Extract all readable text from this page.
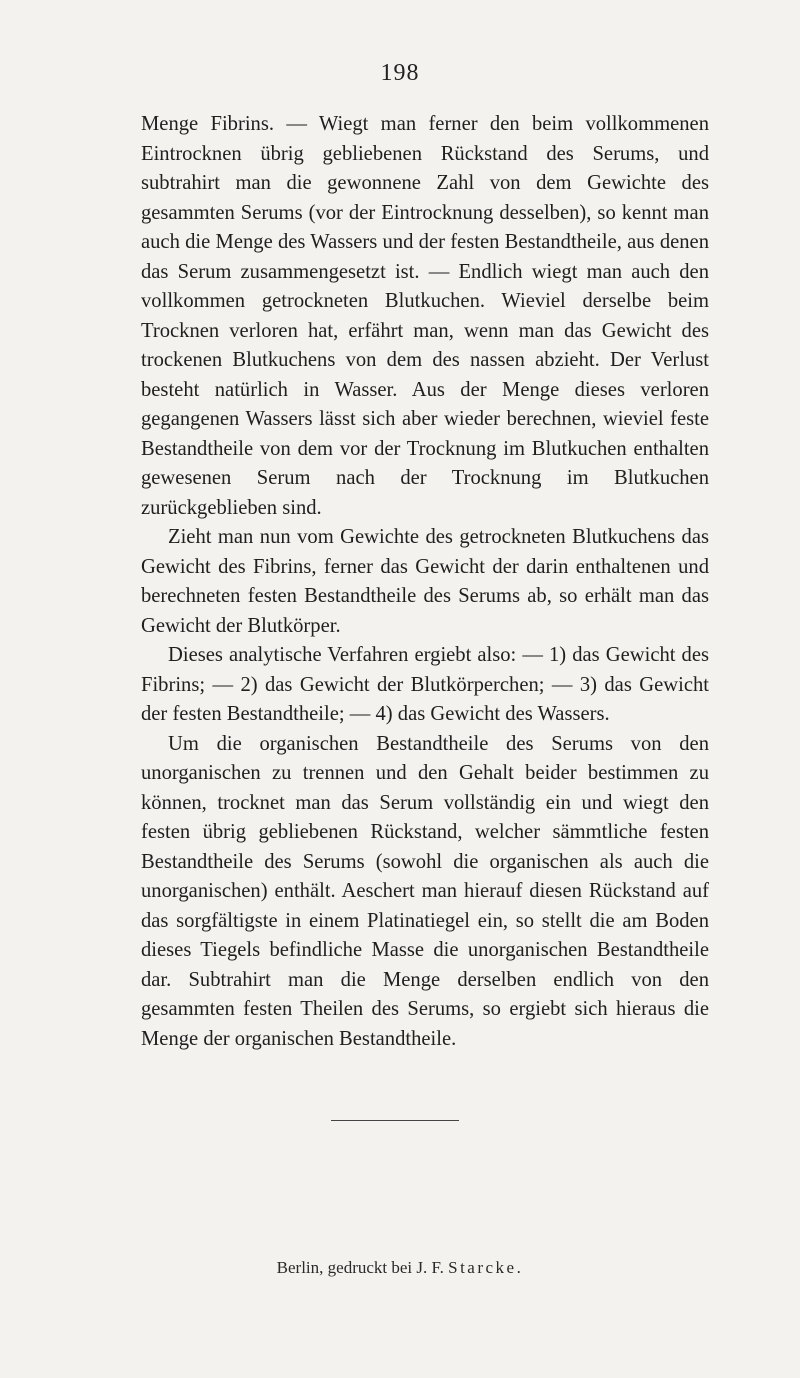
198

Menge Fibrins. — Wiegt man ferner den beim vollkommenen Eintrocknen übrig gebliebenen Rückstand des Serums, und subtrahirt man die gewonnene Zahl von dem Gewichte des gesammten Serums (vor der Eintrocknung desselben), so kennt man auch die Menge des Wassers und der festen Bestandtheile, aus denen das Serum zusammengesetzt ist. — Endlich wiegt man auch den vollkommen getrockneten Blutkuchen. Wieviel derselbe beim Trocknen verloren hat, erfährt man, wenn man das Gewicht des trockenen Blutkuchens von dem des nassen abzieht. Der Verlust besteht natürlich in Wasser. Aus der Menge dieses verloren gegangenen Wassers lässt sich aber wieder berechnen, wieviel feste Bestandtheile von dem vor der Trocknung im Blutkuchen enthalten gewesenen Serum nach der Trocknung im Blutkuchen zurückgeblieben sind.

Zieht man nun vom Gewichte des getrockneten Blutkuchens das Gewicht des Fibrins, ferner das Gewicht der darin enthaltenen und berechneten festen Bestandtheile des Serums ab, so erhält man das Gewicht der Blutkörper.

Dieses analytische Verfahren ergiebt also: — 1) das Gewicht des Fibrins; — 2) das Gewicht der Blutkörperchen; — 3) das Gewicht der festen Bestandtheile; — 4) das Gewicht des Wassers.

Um die organischen Bestandtheile des Serums von den unorganischen zu trennen und den Gehalt beider bestimmen zu können, trocknet man das Serum vollständig ein und wiegt den festen übrig gebliebenen Rückstand, welcher sämmtliche festen Bestandtheile des Serums (sowohl die organischen als auch die unorganischen) enthält. Aeschert man hierauf diesen Rückstand auf das sorgfältigste in einem Platinatiegel ein, so stellt die am Boden dieses Tiegels befindliche Masse die unorganischen Bestandtheile dar. Subtrahirt man die Menge derselben endlich von den gesammten festen Theilen des Serums, so ergiebt sich hieraus die Menge der organischen Bestandtheile.

Berlin, gedruckt bei J. F. Starcke.
